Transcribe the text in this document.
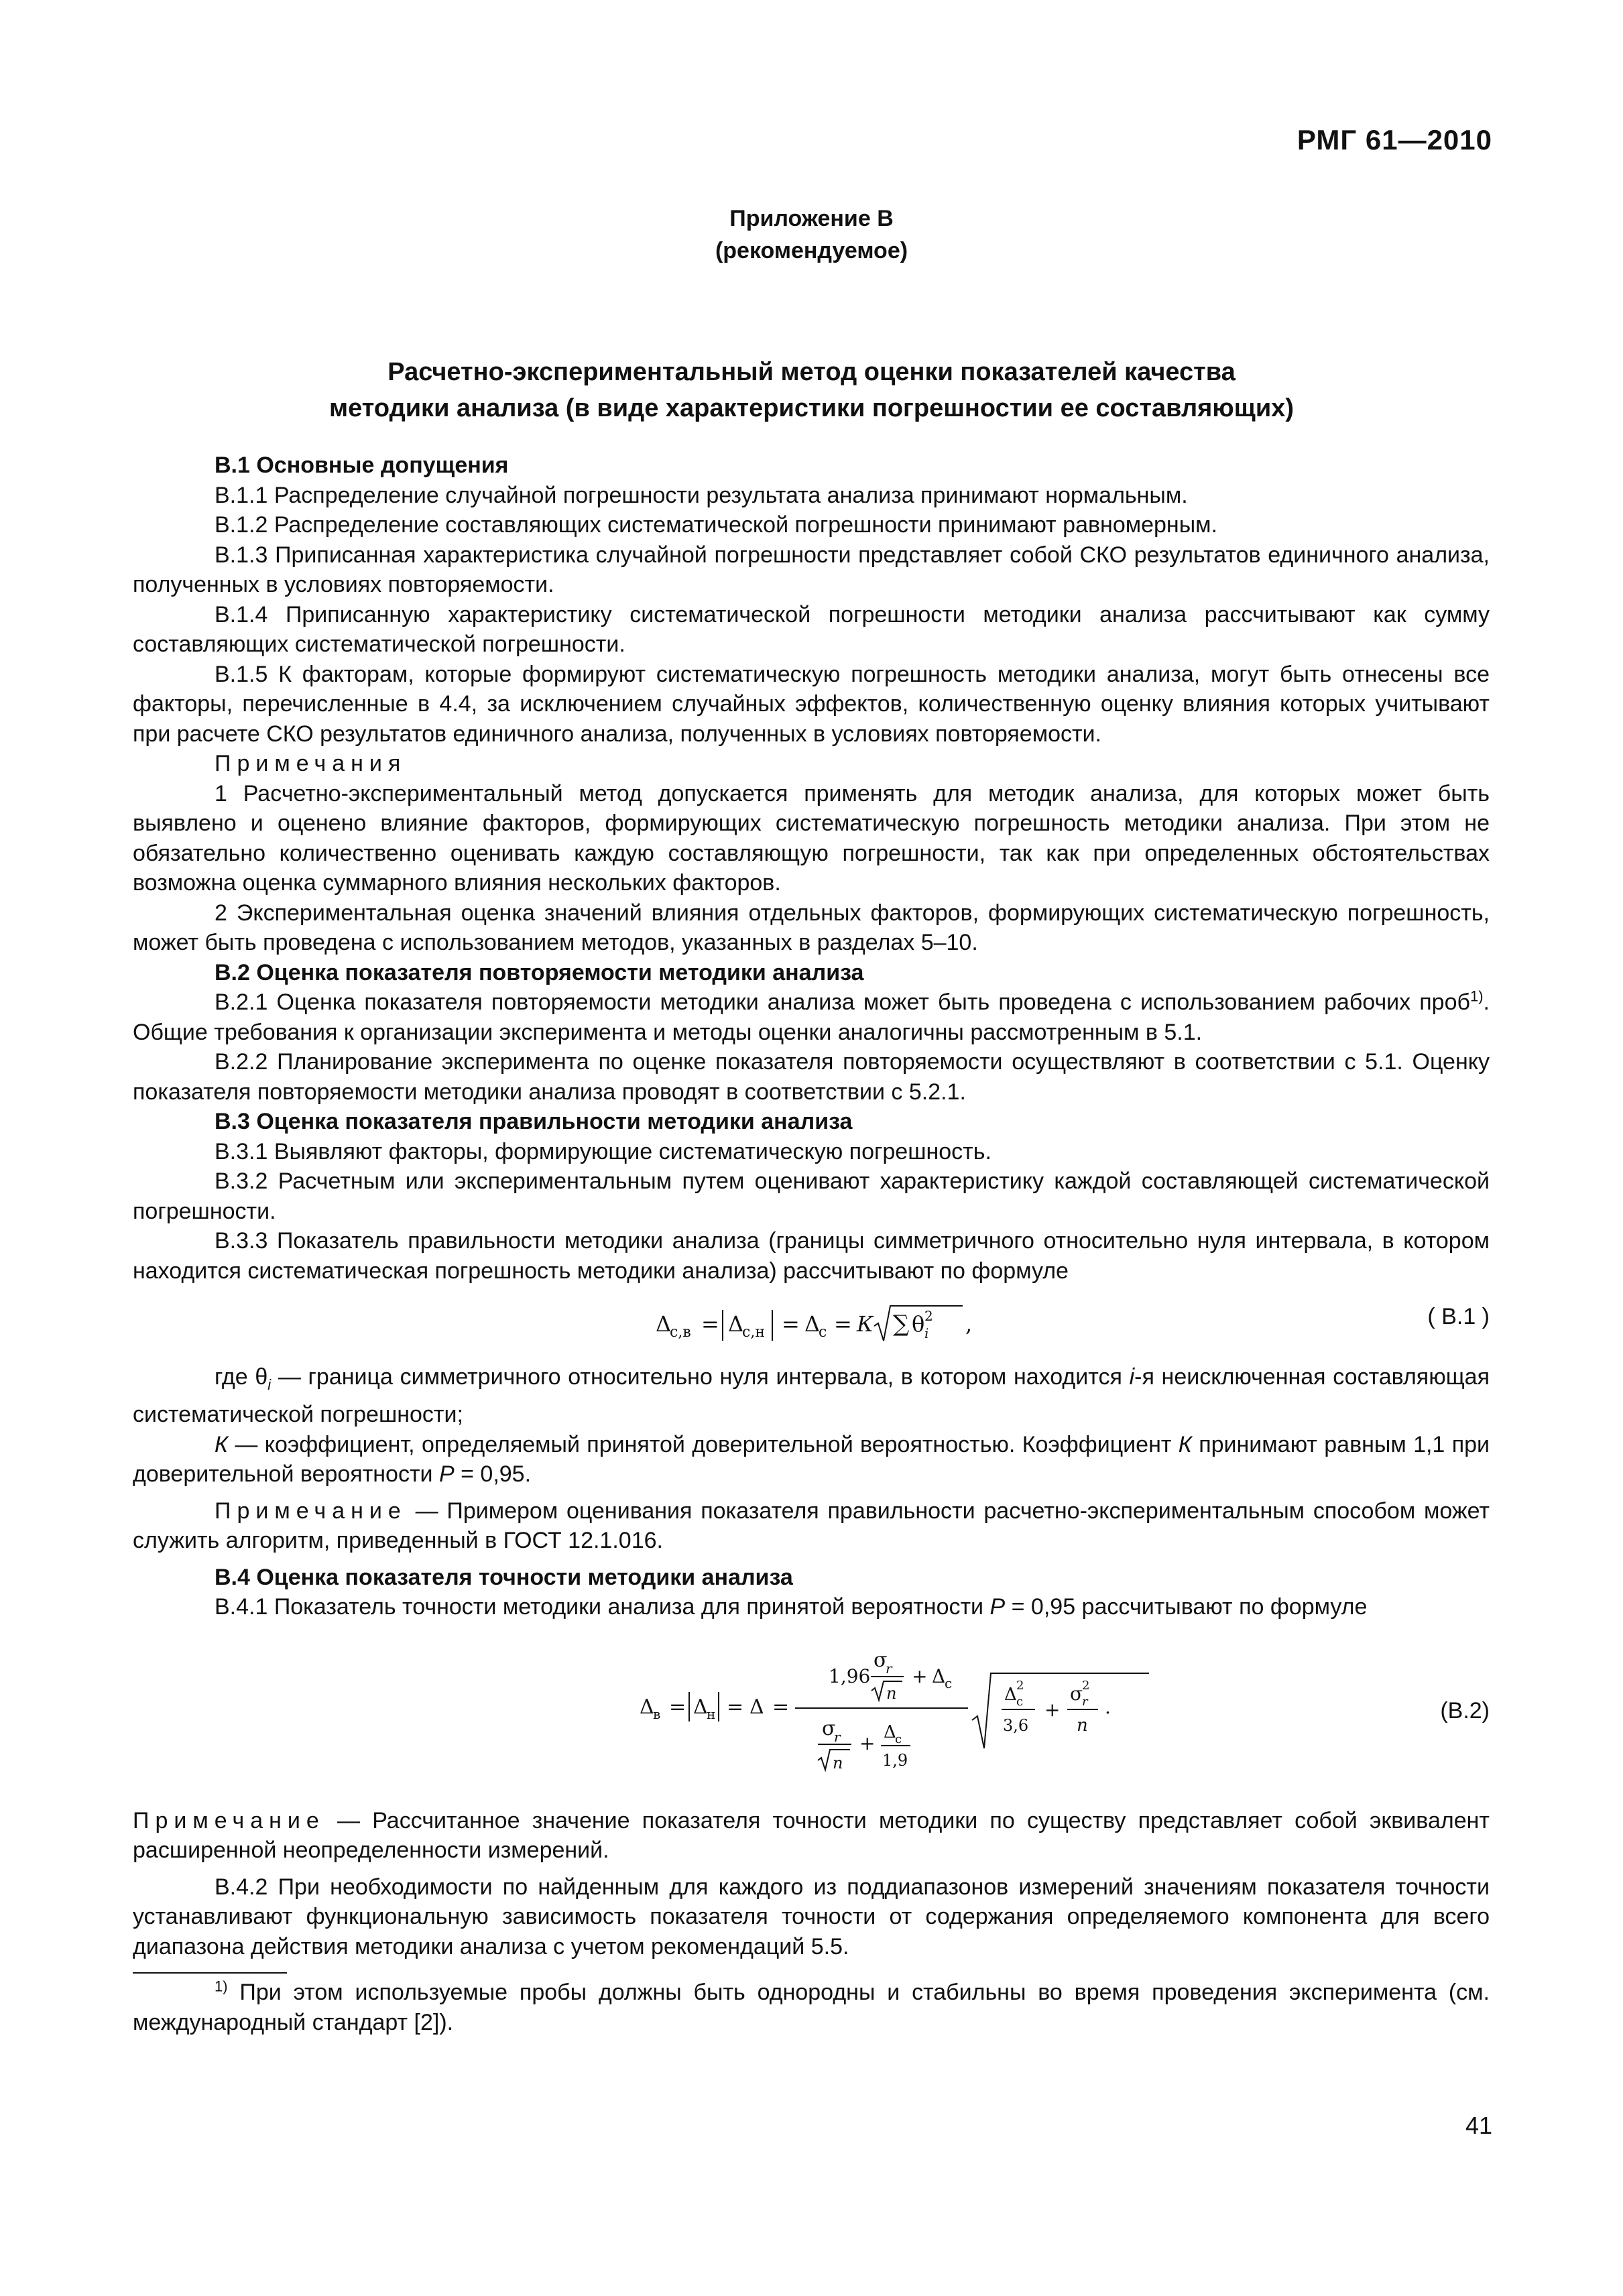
РМГ 61—2010
Приложение В
(рекомендуемое)
Расчетно-экспериментальный метод оценки показателей качества
методики анализа (в виде характеристики погрешностии ее составляющих)

В.1 Основные допущения

В.1.1 Распределение случайной погрешности результата анализа принимают нормальным.

В.1.2 Распределение составляющих систематической погрешности принимают равномерным.

В.1.3 Приписанная характеристика случайной погрешности представляет собой СКО результатов единичного анализа, полученных в условиях повторяемости.

В.1.4 Приписанную характеристику систематической погрешности методики анализа рассчитывают как сумму составляющих систематической погрешности.

В.1.5 К факторам, которые формируют систематическую погрешность методики анализа, могут быть отнесены все факторы, перечисленные в 4.4, за исключением случайных эффектов, количественную оценку влияния которых учитывают при расчете СКО результатов единичного анализа, полученных в условиях повторяемости.

Примечания

1 Расчетно-экспериментальный метод допускается применять для методик анализа, для которых может быть выявлено и оценено влияние факторов, формирующих систематическую погрешность методики анализа. При этом не обязательно количественно оценивать каждую составляющую погрешности, так как при определенных обстоятельствах возможна оценка суммарного влияния нескольких факторов.

2 Экспериментальная оценка значений влияния отдельных факторов, формирующих систематическую погрешность, может быть проведена с использованием методов, указанных в разделах 5–10.

В.2 Оценка показателя повторяемости методики анализа

В.2.1 Оценка показателя повторяемости методики анализа может быть проведена с использованием рабочих проб$^{1)}$. Общие требования к организации эксперимента и методы оценки аналогичны рассмотренным в 5.1.

В.2.2 Планирование эксперимента по оценке показателя повторяемости осуществляют в соответствии с 5.1. Оценку показателя повторяемости методики анализа проводят в соответствии с 5.2.1.

В.3 Оценка показателя правильности методики анализа

В.3.1 Выявляют факторы, формирующие систематическую погрешность.

В.3.2 Расчетным или экспериментальным путем оценивают характеристику каждой составляющей систематической погрешности.

В.3.3 Показатель правильности методики анализа (границы симметричного относительно нуля интервала, в котором находится систематическая погрешность методики анализа) рассчитывают по формуле

Δ
с,в = Δ
с,н = Δ
с = К ∑ θ 2
i ,	( В.1 )

где $\theta_i$ — граница симметричного относительно нуля интервала, в котором находится i-я неисключенная составляющая систематической погрешности;

К — коэффициент, определяемый принятой доверительной вероятностью. Коэффициент К принимают равным 1,1 при доверительной вероятности Р = 0,95.

Примечание — Примером оценивания показателя правильности расчетно-экспериментальным способом может служить алгоритм, приведенный в ГОСТ 12.1.016.

В.4 Оценка показателя точности методики анализа

В.4.1 Показатель точности методики анализа для принятой вероятности Р = 0,95 рассчитывают по формуле

Δ
в = Δ
н = Δ =
1,96
σ
r
n
+ Δ
с
σ
r
n
+ Δ
с
1,9
Δ 2
с
3,6
+
σ
2
r
n
.	(В.2)

Примечание — Рассчитанное значение показателя точности методики по существу представляет собой эквивалент расширенной неопределенности измерений.

В.4.2 При необходимости по найденным для каждого из поддиапазонов измерений значениям показателя точности устанавливают функциональную зависимость показателя точности от содержания определяемого компонента для всего диапазона действия методики анализа с учетом рекомендаций 5.5.

$^{1)}$ При этом используемые пробы должны быть однородны и стабильны во время проведения эксперимента (см. международный стандарт [2]).

41
